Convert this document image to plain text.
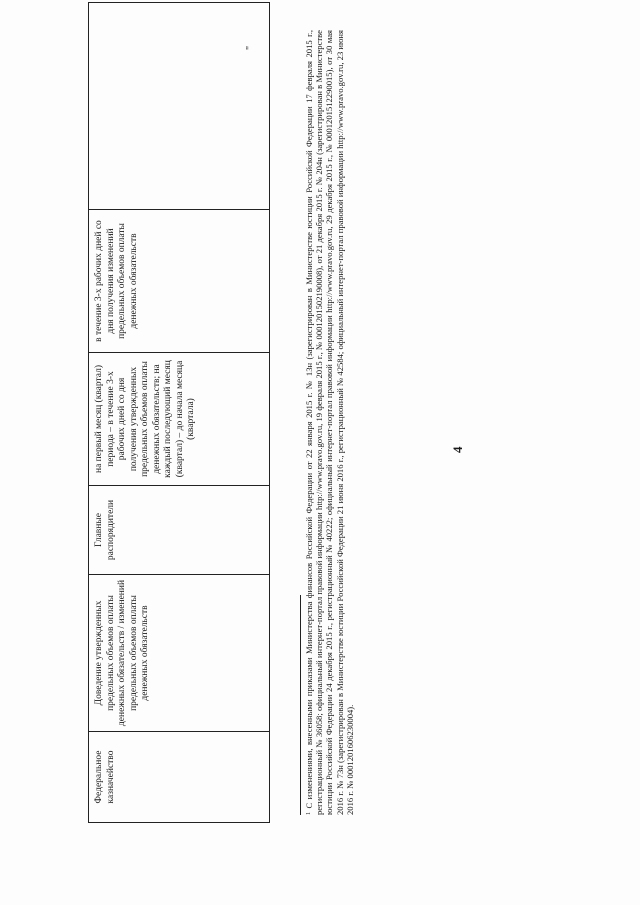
4
"
Федеральное казначейство	Доведение утвержденных предельных объемов оплаты денежных обязательств / изменений предельных объемов оплаты денежных обязательств	Главные распорядители	на первый месяц (квартал) периода – в течение 3-х рабочих дней со дня получения утвержденных предельных объемов оплаты денежных обязательств; на каждый последующий месяц (квартал) – до начала месяца (квартала)	в течение 3-х рабочих дней со дня получения изменений предельных объемов оплаты денежных обязательств	
$^1$ С изменениями, внесенными приказами Министерства финансов Российской Федерации от 22 января 2015 г. № 13н (зарегистрирован в Министерстве юстиции Российской Федерации 17 февраля 2015 г., регистрационный № 36058; официальный интернет-портал правовой информации http://www.pravo.gov.ru, 19 февраля 2015 г., № 0001201502190008), от 21 декабря 2015 г. № 204н (зарегистрирован в Министерстве юстиции Российской Федерации 24 декабря 2015 г., регистрационный № 40222; официальный интернет-портал правовой информации http://www.pravo.gov.ru, 29 декабря 2015 г., № 0001201512290015), от 30 мая 2016 г. № 73н (зарегистрирован в Министерстве юстиции Российской Федерации 21 июня 2016 г., регистрационный № 42584; официальный интернет-портал правовой информации http://www.pravo.gov.ru, 23 июня 2016 г. № 0001201606230004).
